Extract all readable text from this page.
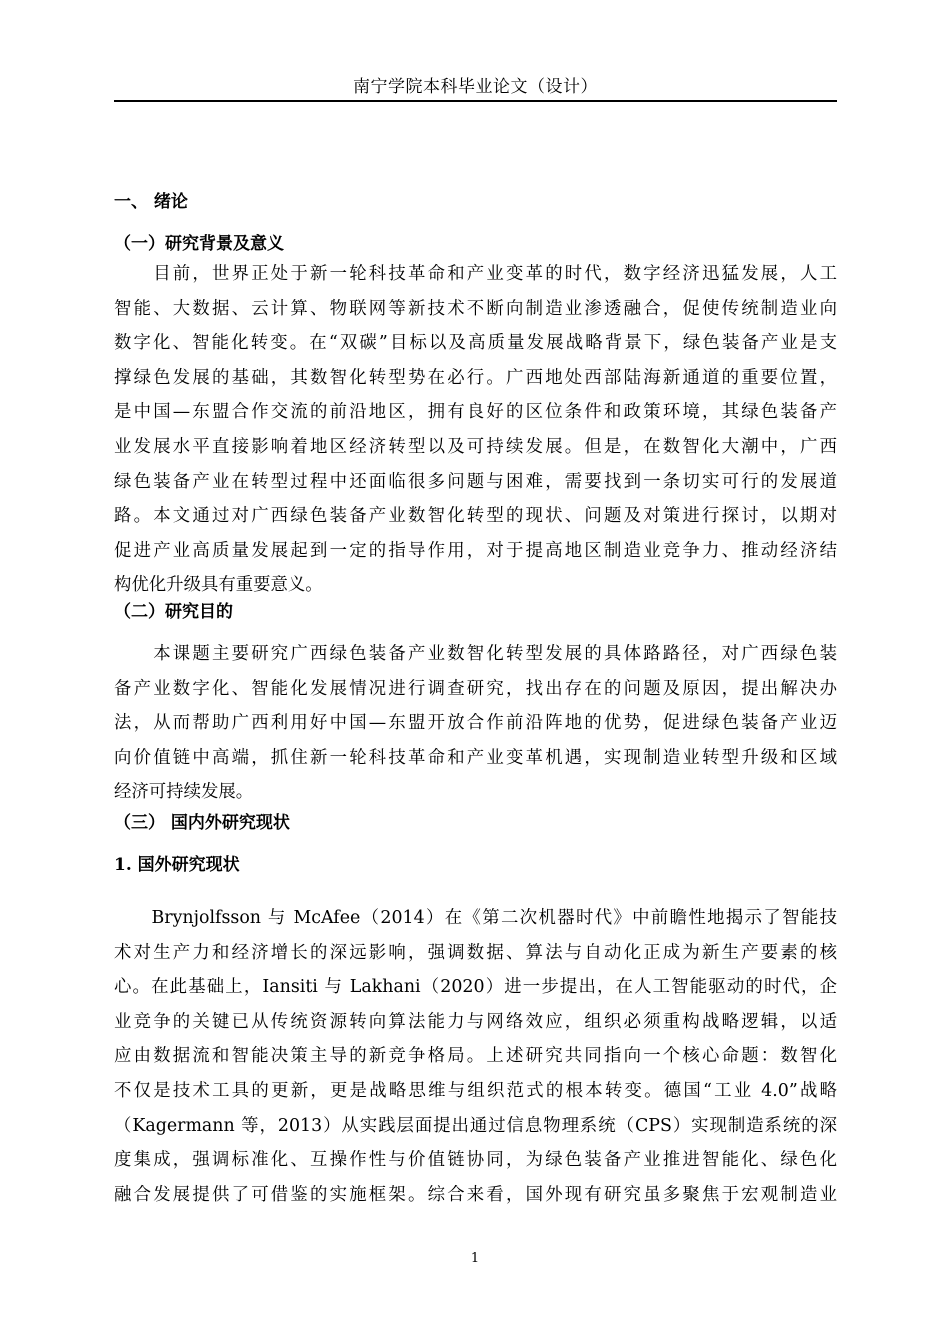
南宁学院本科毕业论文（设计）
一、 绪论
（一）研究背景及意义
　　目前，世界正处于新一轮科技革命和产业变革的时代，数字经济迅猛发展，人工
智能、大数据、云计算、物联网等新技术不断向制造业渗透融合，促使传统制造业向
数字化、智能化转变。在“双碳”目标以及高质量发展战略背景下，绿色装备产业是支
撑绿色发展的基础，其数智化转型势在必行。广西地处西部陆海新通道的重要位置，
是中国—东盟合作交流的前沿地区，拥有良好的区位条件和政策环境，其绿色装备产
业发展水平直接影响着地区经济转型以及可持续发展。但是，在数智化大潮中，广西
绿色装备产业在转型过程中还面临很多问题与困难，需要找到一条切实可行的发展道
路。本文通过对广西绿色装备产业数智化转型的现状、问题及对策进行探讨，以期对
促进产业高质量发展起到一定的指导作用，对于提高地区制造业竞争力、推动经济结
构优化升级具有重要意义。
（二）研究目的
　　本课题主要研究广西绿色装备产业数智化转型发展的具体路路径，对广西绿色装
备产业数字化、智能化发展情况进行调查研究，找出存在的问题及原因，提出解决办
法，从而帮助广西利用好中国—东盟开放合作前沿阵地的优势，促进绿色装备产业迈
向价值链中高端，抓住新一轮科技革命和产业变革机遇，实现制造业转型升级和区域
经济可持续发展。
（三） 国内外研究现状
1. 国外研究现状
　　Brynjolfsson 与 McAfee（2014）在《第二次机器时代》中前瞻性地揭示了智能技
术对生产力和经济增长的深远影响，强调数据、算法与自动化正成为新生产要素的核
心。在此基础上，Iansiti 与 Lakhani（2020）进一步提出，在人工智能驱动的时代，企
业竞争的关键已从传统资源转向算法能力与网络效应，组织必须重构战略逻辑，以适
应由数据流和智能决策主导的新竞争格局。上述研究共同指向一个核心命题：数智化
不仅是技术工具的更新，更是战略思维与组织范式的根本转变。德国“工业 4.0”战略
（Kagermann 等，2013）从实践层面提出通过信息物理系统（CPS）实现制造系统的深
度集成，强调标准化、互操作性与价值链协同，为绿色装备产业推进智能化、绿色化
融合发展提供了可借鉴的实施框架。综合来看，国外现有研究虽多聚焦于宏观制造业
1
